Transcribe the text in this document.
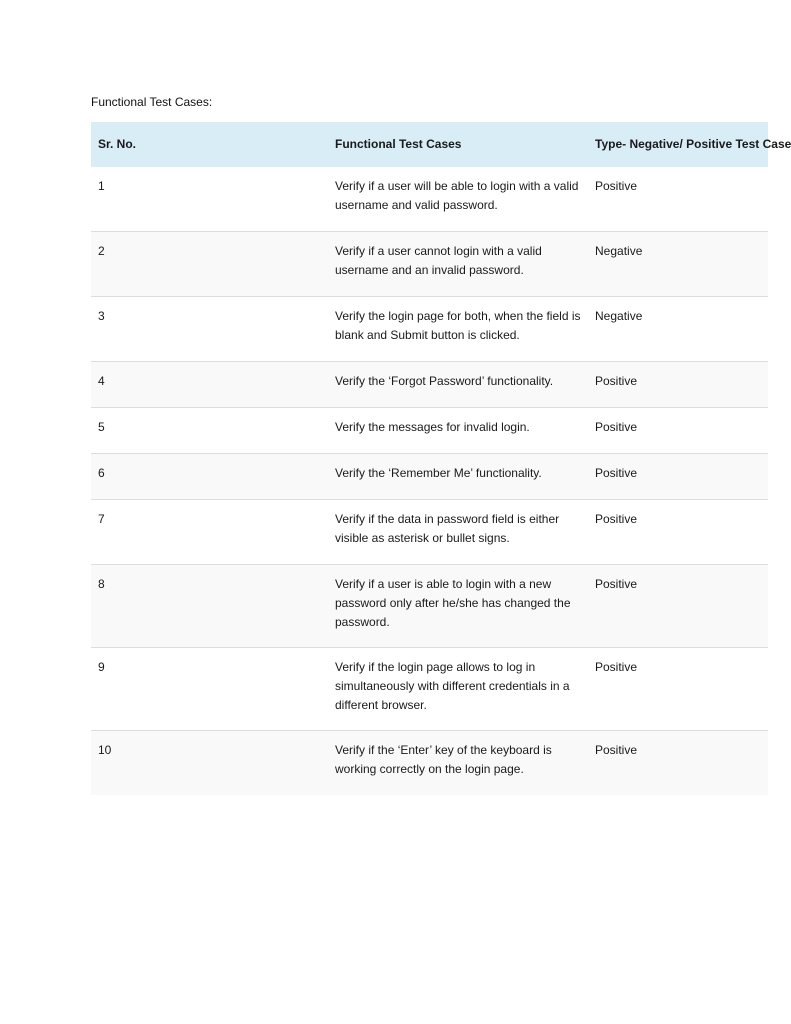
Functional Test Cases:
Sr. No.	Functional Test Cases	Type- Negative/ Positive Test Case
1	Verify if a user will be able to login with a valid username and valid password.	Positive
2	Verify if a user cannot login with a valid username and an invalid password.	Negative
3	Verify the login page for both, when the field is blank and Submit button is clicked.	Negative
4	Verify the ‘Forgot Password’ functionality.	Positive
5	Verify the messages for invalid login.	Positive
6	Verify the ‘Remember Me’ functionality.	Positive
7	Verify if the data in password field is either visible as asterisk or bullet signs.	Positive
8	Verify if a user is able to login with a new password only after he/she has changed the password.	Positive
9	Verify if the login page allows to log in simultaneously with different credentials in a different browser.	Positive
10	Verify if the ‘Enter’ key of the keyboard is working correctly on the login page.	Positive
